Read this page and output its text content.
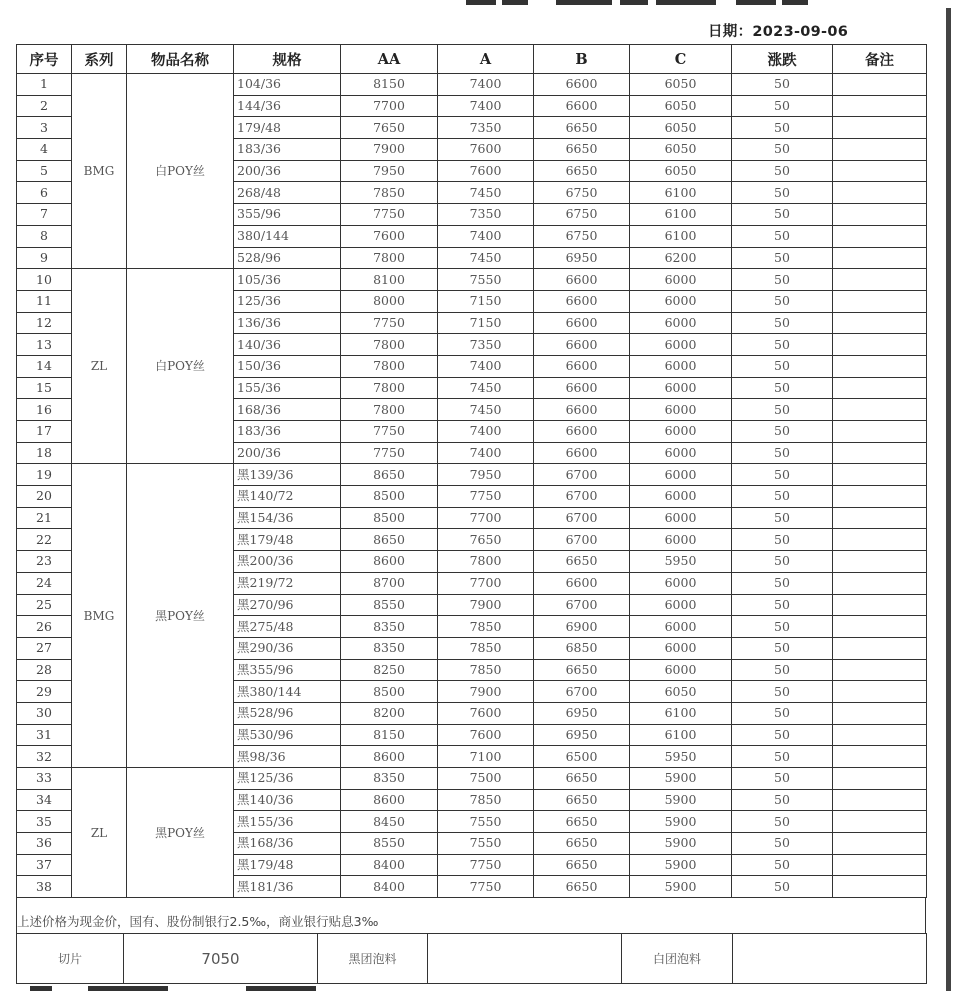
日期：2023-09-06
序号	系列	物品名称	规格	AA	A	B	C	涨跌	备注
1	BMG	白POY丝	104/36	8150	7400	6600	6050	50	
2			144/36	7700	7400	6600	6050	50	
3			179/48	7650	7350	6650	6050	50	
4			183/36	7900	7600	6650	6050	50	
5			200/36	7950	7600	6650	6050	50	
6			268/48	7850	7450	6750	6100	50	
7			355/96	7750	7350	6750	6100	50	
8			380/144	7600	7400	6750	6100	50	
9			528/96	7800	7450	6950	6200	50	
10	ZL	白POY丝	105/36	8100	7550	6600	6000	50	
11			125/36	8000	7150	6600	6000	50	
12			136/36	7750	7150	6600	6000	50	
13			140/36	7800	7350	6600	6000	50	
14			150/36	7800	7400	6600	6000	50	
15			155/36	7800	7450	6600	6000	50	
16			168/36	7800	7450	6600	6000	50	
17			183/36	7750	7400	6600	6000	50	
18			200/36	7750	7400	6600	6000	50	
19	BMG	黑POY丝	黑139/36	8650	7950	6700	6000	50	
20			黑140/72	8500	7750	6700	6000	50	
21			黑154/36	8500	7700	6700	6000	50	
22			黑179/48	8650	7650	6700	6000	50	
23			黑200/36	8600	7800	6650	5950	50	
24			黑219/72	8700	7700	6600	6000	50	
25			黑270/96	8550	7900	6700	6000	50	
26			黑275/48	8350	7850	6900	6000	50	
27			黑290/36	8350	7850	6850	6000	50	
28			黑355/96	8250	7850	6650	6000	50	
29			黑380/144	8500	7900	6700	6050	50	
30			黑528/96	8200	7600	6950	6100	50	
31			黑530/96	8150	7600	6950	6100	50	
32			黑98/36	8600	7100	6500	5950	50	
33	ZL	黑POY丝	黑125/36	8350	7500	6650	5900	50	
34			黑140/36	8600	7850	6650	5900	50	
35			黑155/36	8450	7550	6650	5900	50	
36			黑168/36	8550	7550	6650	5900	50	
37			黑179/48	8400	7750	6650	5900	50	
38			黑181/36	8400	7750	6650	5900	50	
上述价格为现金价，国有、股份制银行2.5‰，商业银行贴息3‰
切片	7050	黑团泡料		白团泡料	
